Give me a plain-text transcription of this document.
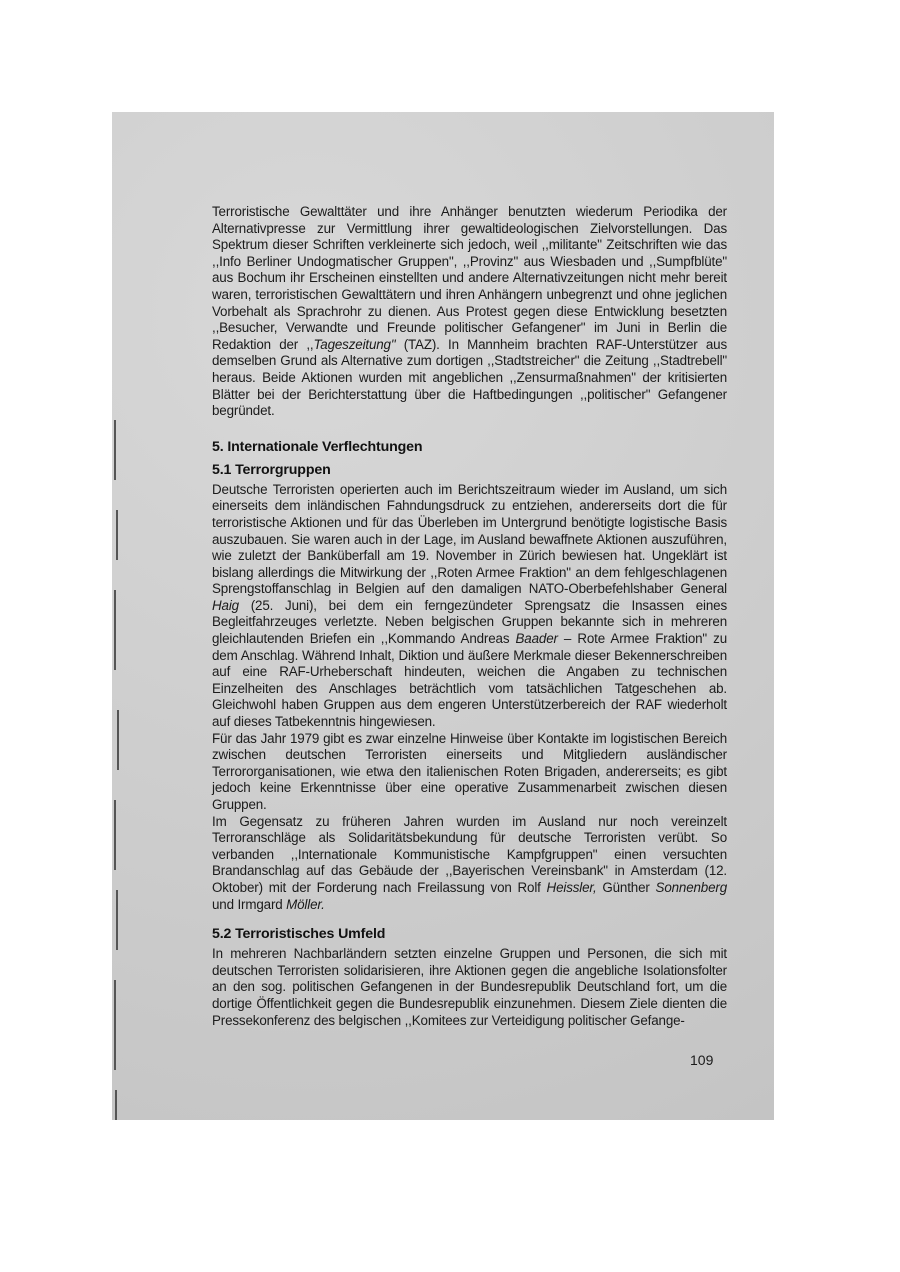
Terroristische Gewalttäter und ihre Anhänger benutzten wiederum Periodika der Alternativpresse zur Vermittlung ihrer gewaltideologischen Zielvorstellungen. Das Spektrum dieser Schriften verkleinerte sich jedoch, weil ,,militante" Zeitschriften wie das ,,Info Berliner Undogmatischer Gruppen", ,,Provinz" aus Wiesbaden und ,,Sumpfblüte" aus Bochum ihr Erscheinen einstellten und andere Alternativzeitungen nicht mehr bereit waren, terroristischen Gewalttätern und ihren Anhängern unbegrenzt und ohne jeglichen Vorbehalt als Sprachrohr zu dienen. Aus Protest gegen diese Entwicklung besetzten ,,Besucher, Verwandte und Freunde politischer Gefangener" im Juni in Berlin die Redaktion der ,,Tageszeitung" (TAZ). In Mannheim brachten RAF-Unterstützer aus demselben Grund als Alternative zum dortigen ,,Stadtstreicher" die Zeitung ,,Stadtrebell" heraus. Beide Aktionen wurden mit angeblichen ,,Zensurmaßnahmen" der kritisierten Blätter bei der Berichterstattung über die Haftbedingungen ,,politischer" Gefangener begründet.

5. Internationale Verflechtungen
5.1 Terrorgruppen

Deutsche Terroristen operierten auch im Berichtszeitraum wieder im Ausland, um sich einerseits dem inländischen Fahndungsdruck zu entziehen, andererseits dort die für terroristische Aktionen und für das Überleben im Untergrund benötigte logistische Basis auszubauen. Sie waren auch in der Lage, im Ausland bewaffnete Aktionen auszuführen, wie zuletzt der Banküberfall am 19. November in Zürich bewiesen hat. Ungeklärt ist bislang allerdings die Mitwirkung der ,,Roten Armee Fraktion" an dem fehlgeschlagenen Sprengstoffanschlag in Belgien auf den damaligen NATO-Oberbefehlshaber General Haig (25. Juni), bei dem ein ferngezündeter Sprengsatz die Insassen eines Begleitfahrzeuges verletzte. Neben belgischen Gruppen bekannte sich in mehreren gleichlautenden Briefen ein ,,Kommando Andreas Baader – Rote Armee Fraktion" zu dem Anschlag. Während Inhalt, Diktion und äußere Merkmale dieser Bekennerschreiben auf eine RAF-Urheberschaft hindeuten, weichen die Angaben zu technischen Einzelheiten des Anschlages beträchtlich vom tatsächlichen Tatgeschehen ab. Gleichwohl haben Gruppen aus dem engeren Unterstützerbereich der RAF wiederholt auf dieses Tatbekenntnis hingewiesen.

Für das Jahr 1979 gibt es zwar einzelne Hinweise über Kontakte im logistischen Bereich zwischen deutschen Terroristen einerseits und Mitgliedern ausländischer Terrororganisationen, wie etwa den italienischen Roten Brigaden, andererseits; es gibt jedoch keine Erkenntnisse über eine operative Zusammenarbeit zwischen diesen Gruppen.

Im Gegensatz zu früheren Jahren wurden im Ausland nur noch vereinzelt Terroranschläge als Solidaritätsbekundung für deutsche Terroristen verübt. So verbanden ,,Internationale Kommunistische Kampfgruppen" einen versuchten Brandanschlag auf das Gebäude der ,,Bayerischen Vereinsbank" in Amsterdam (12. Oktober) mit der Forderung nach Freilassung von Rolf Heissler, Günther Sonnenberg und Irmgard Möller.

5.2 Terroristisches Umfeld

In mehreren Nachbarländern setzten einzelne Gruppen und Personen, die sich mit deutschen Terroristen solidarisieren, ihre Aktionen gegen die angebliche Isolationsfolter an den sog. politischen Gefangenen in der Bundesrepublik Deutschland fort, um die dortige Öffentlichkeit gegen die Bundesrepublik einzunehmen. Diesem Ziele dienten die Pressekonferenz des belgischen ,,Komitees zur Verteidigung politischer Gefange-

109
